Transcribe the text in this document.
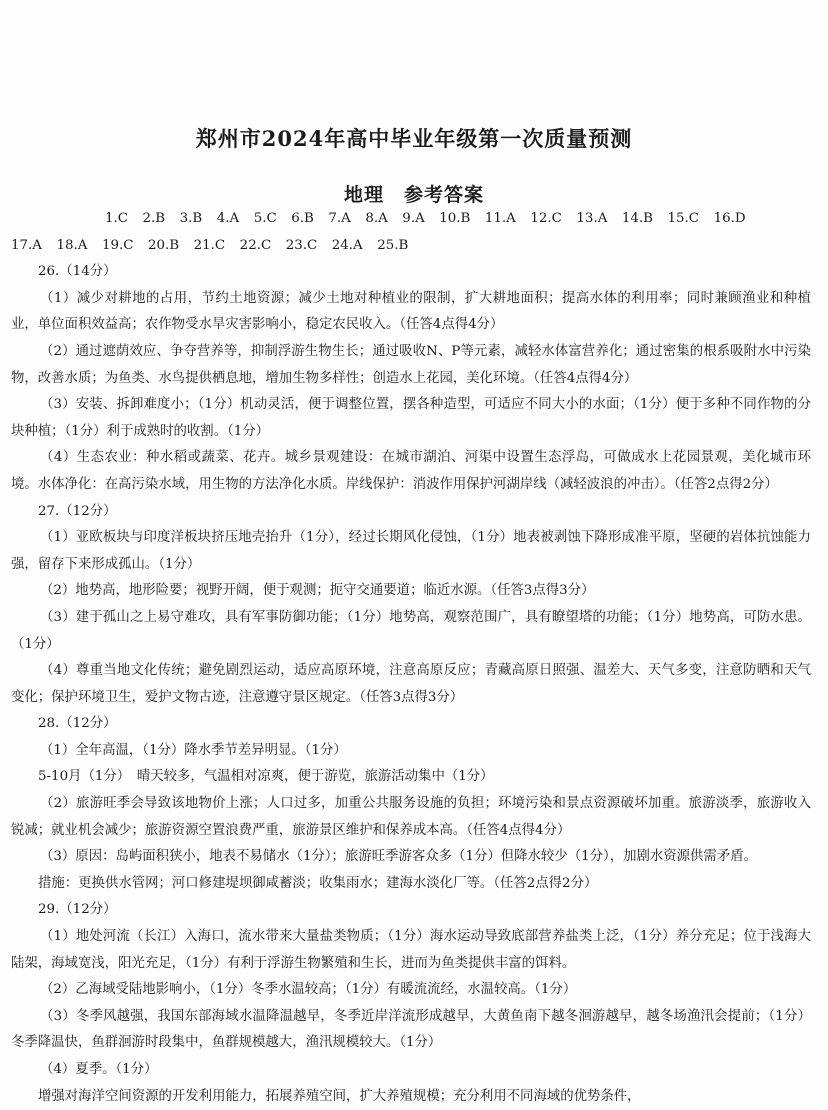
郑州市2024年高中毕业年级第一次质量预测
地理　参考答案
1.C 2.B 3.B 4.A 5.C 6.B 7.A 8.A 9.A 10.B 11.A 12.C 13.A 14.B 15.C 16.D
17.A 18.A 19.C 20.B 21.C 22.C 23.C 24.A 25.B
26.（14分）
（1）减少对耕地的占用，节约土地资源；减少土地对种植业的限制，扩大耕地面积；提高水体的利用率；同时兼顾渔业和种植业，单位面积效益高；农作物受水旱灾害影响小，稳定农民收入。（任答4点得4分）
（2）通过遮荫效应、争夺营养等，抑制浮游生物生长；通过吸收N、P等元素，减轻水体富营养化；通过密集的根系吸附水中污染物，改善水质；为鱼类、水鸟提供栖息地，增加生物多样性；创造水上花园，美化环境。（任答4点得4分）
（3）安装、拆卸难度小；（1分）机动灵活，便于调整位置，摆各种造型，可适应不同大小的水面；（1分）便于多种不同作物的分块种植；（1分）利于成熟时的收割。（1分）
（4）生态农业：种水稻或蔬菜、花卉。城乡景观建设：在城市湖泊、河渠中设置生态浮岛，可做成水上花园景观，美化城市环境。水体净化：在高污染水域，用生物的方法净化水质。岸线保护：消波作用保护河湖岸线（减轻波浪的冲击）。（任答2点得2分）
27.（12分）
（1）亚欧板块与印度洋板块挤压地壳抬升（1分），经过长期风化侵蚀，（1分）地表被剥蚀下降形成准平原，坚硬的岩体抗蚀能力强，留存下来形成孤山。（1分）
（2）地势高，地形险要；视野开阔，便于观测；扼守交通要道；临近水源。（任答3点得3分）
（3）建于孤山之上易守难攻，具有军事防御功能；（1分）地势高，观察范围广，具有瞭望塔的功能；（1分）地势高，可防水患。（1分）
（4）尊重当地文化传统；避免剧烈运动，适应高原环境，注意高原反应；青藏高原日照强、温差大、天气多变，注意防晒和天气变化；保护环境卫生，爱护文物古迹，注意遵守景区规定。（任答3点得3分）
28.（12分）
（1）全年高温，（1分）降水季节差异明显。（1分）
5-10月（1分）　晴天较多，气温相对凉爽，便于游览，旅游活动集中（1分）
（2）旅游旺季会导致该地物价上涨；人口过多，加重公共服务设施的负担；环境污染和景点资源破坏加重。旅游淡季，旅游收入锐减；就业机会减少；旅游资源空置浪费严重，旅游景区维护和保养成本高。（任答4点得4分）
（3）原因：岛屿面积狭小，地表不易储水（1分）；旅游旺季游客众多（1分）但降水较少（1分），加剧水资源供需矛盾。
措施：更换供水管网；河口修建堤坝御咸蓄淡；收集雨水；建海水淡化厂等。（任答2点得2分）
29.（12分）
（1）地处河流（长江）入海口，流水带来大量盐类物质；（1分）海水运动导致底部营养盐类上泛，（1分）养分充足；位于浅海大陆架，海域宽浅，阳光充足，（1分）有利于浮游生物繁殖和生长，进而为鱼类提供丰富的饵料。
（2）乙海域受陆地影响小，（1分）冬季水温较高；（1分）有暖流流经，水温较高。（1分）
（3）冬季风越强，我国东部海域水温降温越早，冬季近岸洋流形成越早，大黄鱼南下越冬洄游越早，越冬场渔汛会提前；（1分）冬季降温快，鱼群洄游时段集中，鱼群规模越大，渔汛规模较大。（1分）
（4）夏季。（1分）
增强对海洋空间资源的开发利用能力，拓展养殖空间，扩大养殖规模；充分利用不同海域的优势条件，
